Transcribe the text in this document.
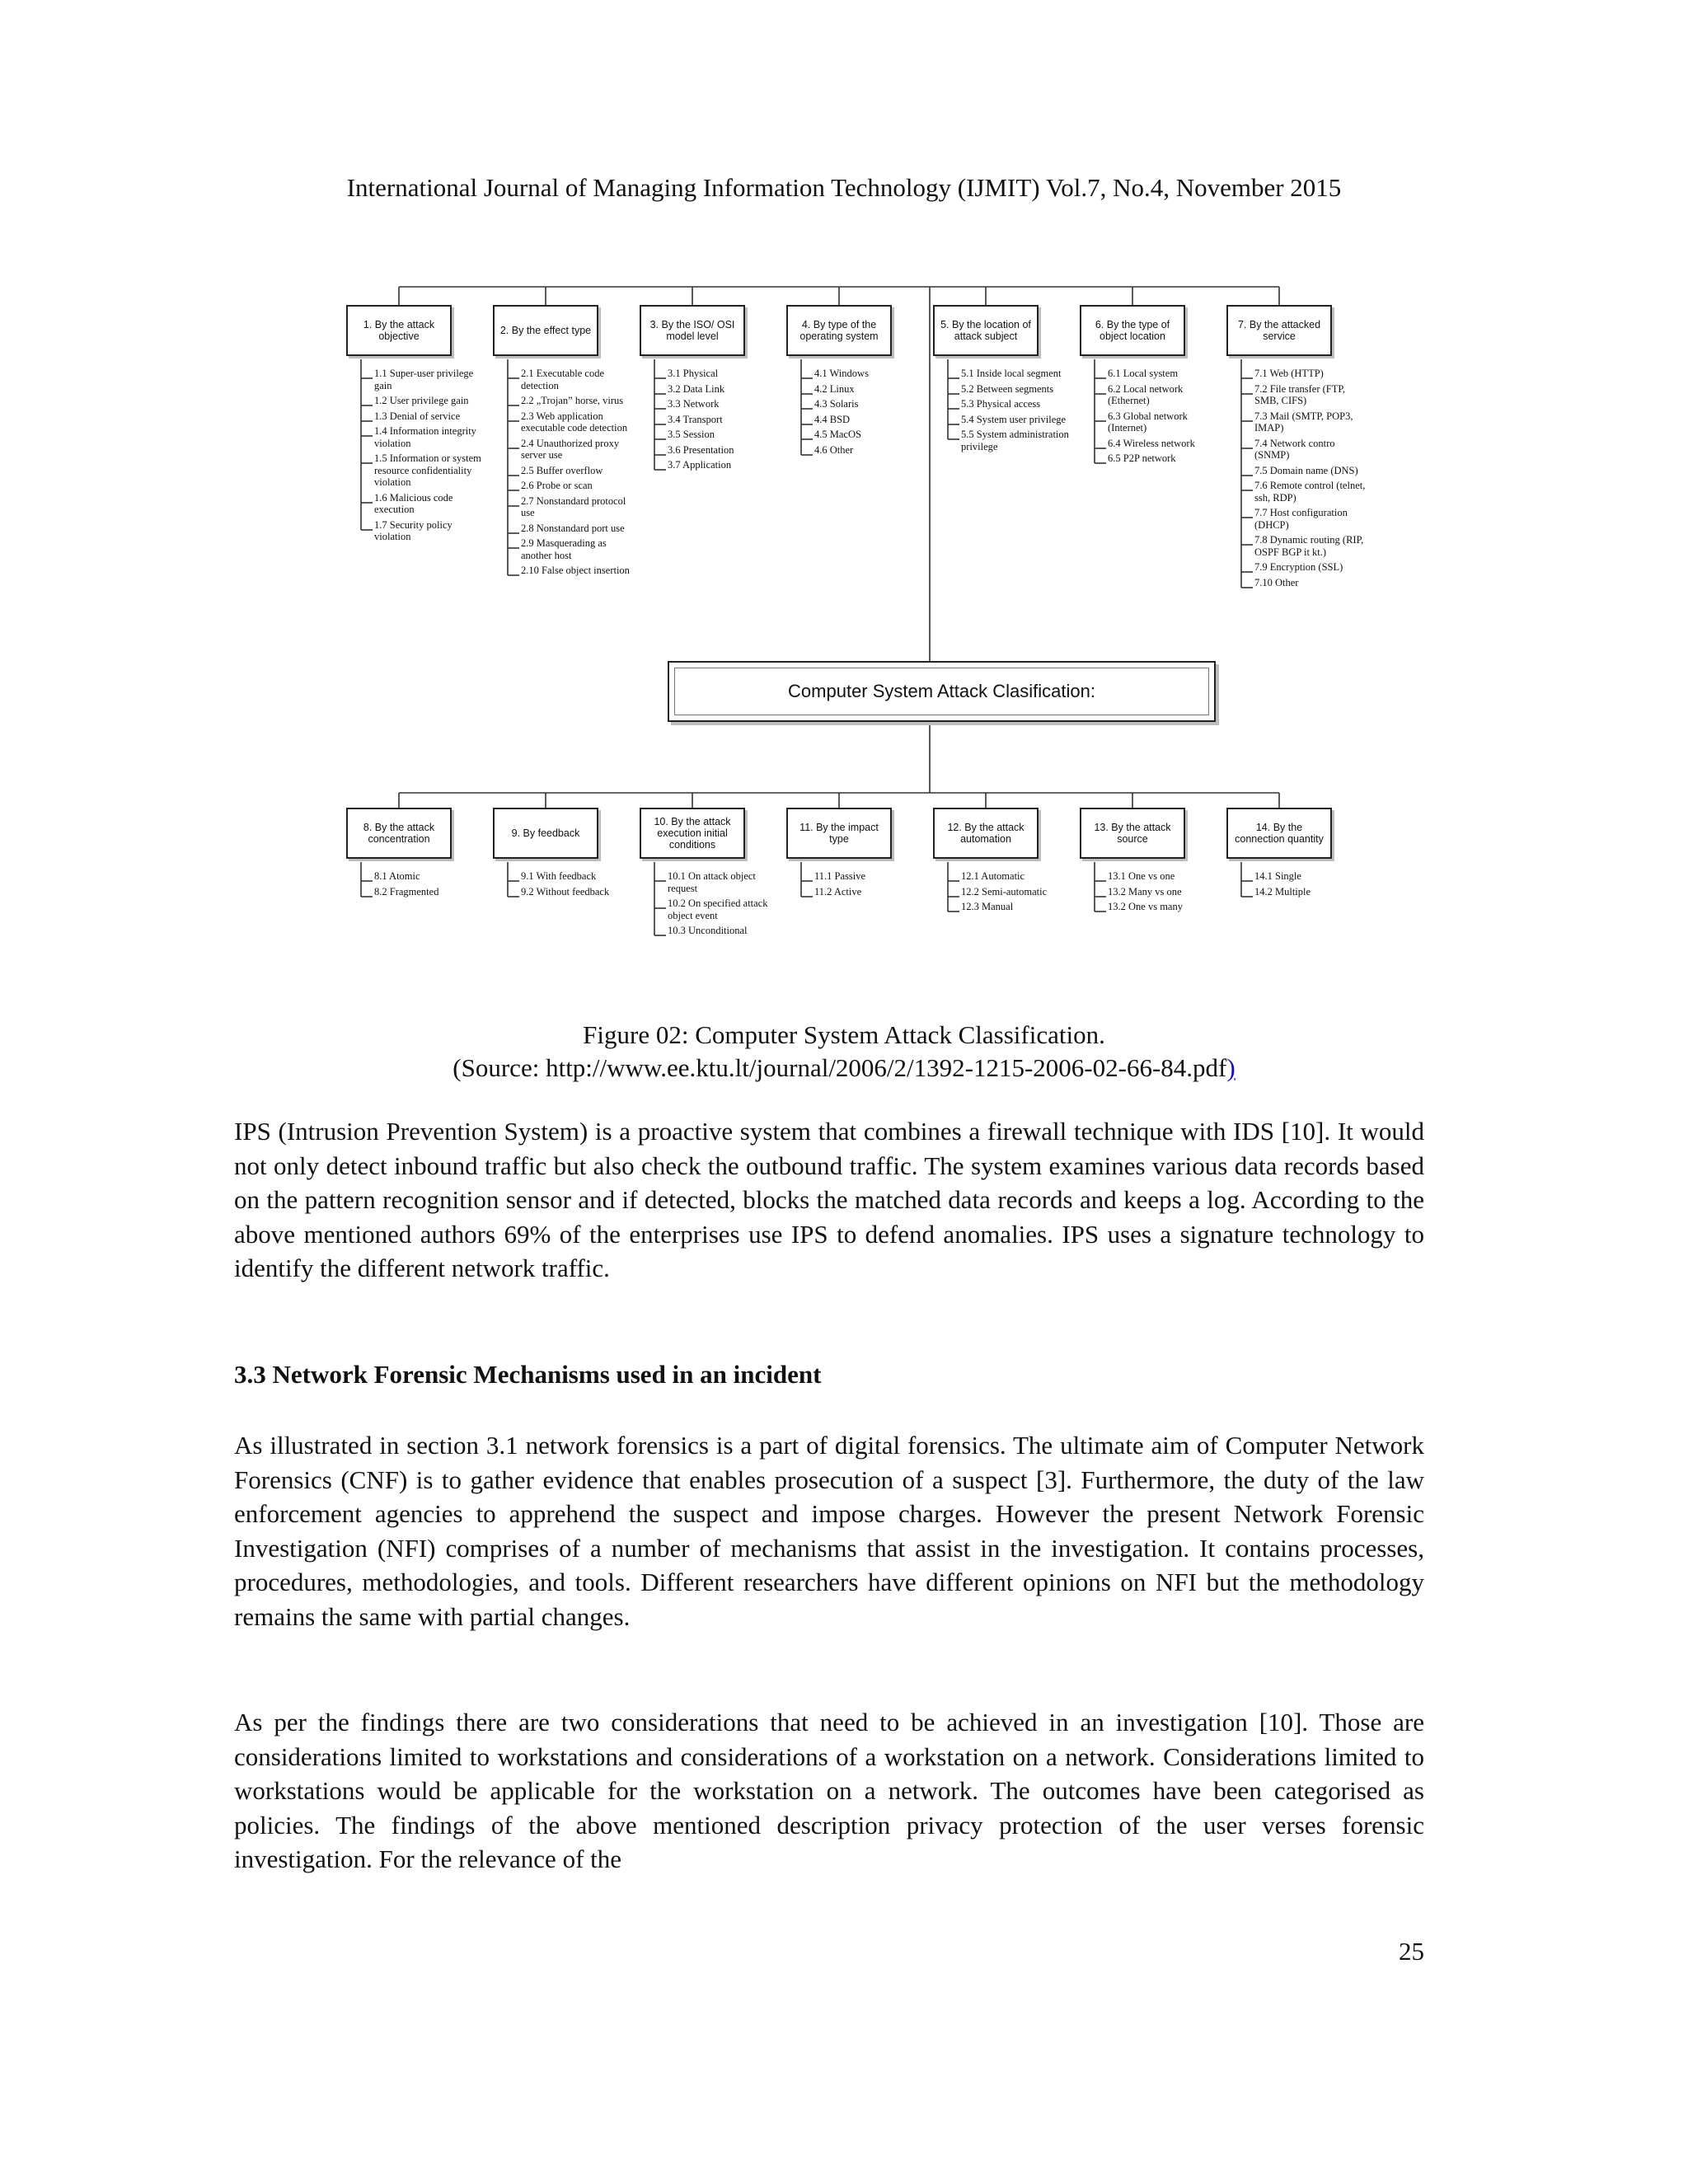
International Journal of Managing Information Technology (IJMIT) Vol.7, No.4, November 2015
Computer System Attack Clasification:
1. By the attack objective
1.1 Super-user privilege gain
1.2 User privilege gain
1.3 Denial of service
1.4 Information integrity violation
1.5 Information or system resource confidentiality violation
1.6 Malicious code execution
1.7 Security policy violation
2. By the effect type
2.1 Executable code detection
2.2 „Trojan” horse, virus
2.3 Web application executable code detection
2.4 Unauthorized proxy server use
2.5 Buffer overflow
2.6 Probe or scan
2.7 Nonstandard protocol use
2.8 Nonstandard port use
2.9 Masquerading as another host
2.10 False object insertion
3. By the ISO/ OSI model level
3.1 Physical
3.2 Data Link
3.3 Network
3.4 Transport
3.5 Session
3.6 Presentation
3.7 Application
4. By type of the operating system
4.1 Windows
4.2 Linux
4.3 Solaris
4.4 BSD
4.5 MacOS
4.6 Other
5. By the location of attack subject
5.1 Inside local segment
5.2 Between segments
5.3 Physical access
5.4 System user privilege
5.5 System administration privilege
6. By the type of object location
6.1 Local system
6.2 Local network (Ethernet)
6.3 Global network (Internet)
6.4 Wireless network
6.5 P2P network
7. By the attacked service
7.1 Web (HTTP)
7.2 File transfer (FTP, SMB, CIFS)
7.3 Mail (SMTP, POP3, IMAP)
7.4 Network contro (SNMP)
7.5 Domain name (DNS)
7.6 Remote control (telnet, ssh, RDP)
7.7 Host configuration (DHCP)
7.8 Dynamic routing (RIP, OSPF BGP it kt.)
7.9 Encryption (SSL)
7.10 Other
8. By the attack concentration
8.1 Atomic
8.2 Fragmented
9. By feedback
9.1 With feedback
9.2 Without feedback
10. By the attack execution initial conditions
10.1 On attack object request
10.2 On specified attack object event
10.3 Unconditional
11. By the impact type
11.1 Passive
11.2 Active
12. By the attack automation
12.1 Automatic
12.2 Semi-automatic
12.3 Manual
13. By the attack source
13.1 One vs one
13.2 Many vs one
13.2 One vs many
14. By the connection quantity
14.1 Single
14.2 Multiple
Figure 02: Computer System Attack Classification.
(Source: http://www.ee.ktu.lt/journal/2006/2/1392-1215-2006-02-66-84.pdf)

IPS (Intrusion Prevention System) is a proactive system that combines a firewall technique with IDS [10]. It would not only detect inbound traffic but also check the outbound traffic. The system examines various data records based on the pattern recognition sensor and if detected, blocks the matched data records and keeps a log. According to the above mentioned authors 69% of the enterprises use IPS to defend anomalies. IPS uses a signature technology to identify the different network traffic.

3.3 Network Forensic Mechanisms used in an incident

As illustrated in section 3.1 network forensics is a part of digital forensics. The ultimate aim of Computer Network Forensics (CNF) is to gather evidence that enables prosecution of a suspect [3]. Furthermore, the duty of the law enforcement agencies to apprehend the suspect and impose charges. However the present Network Forensic Investigation (NFI) comprises of a number of mechanisms that assist in the investigation. It contains processes, procedures, methodologies, and tools. Different researchers have different opinions on NFI but the methodology remains the same with partial changes.

As per the findings there are two considerations that need to be achieved in an investigation [10]. Those are considerations limited to workstations and considerations of a workstation on a network. Considerations limited to workstations would be applicable for the workstation on a network. The outcomes have been categorised as policies. The findings of the above mentioned description privacy protection of the user verses forensic investigation. For the relevance of the

25
